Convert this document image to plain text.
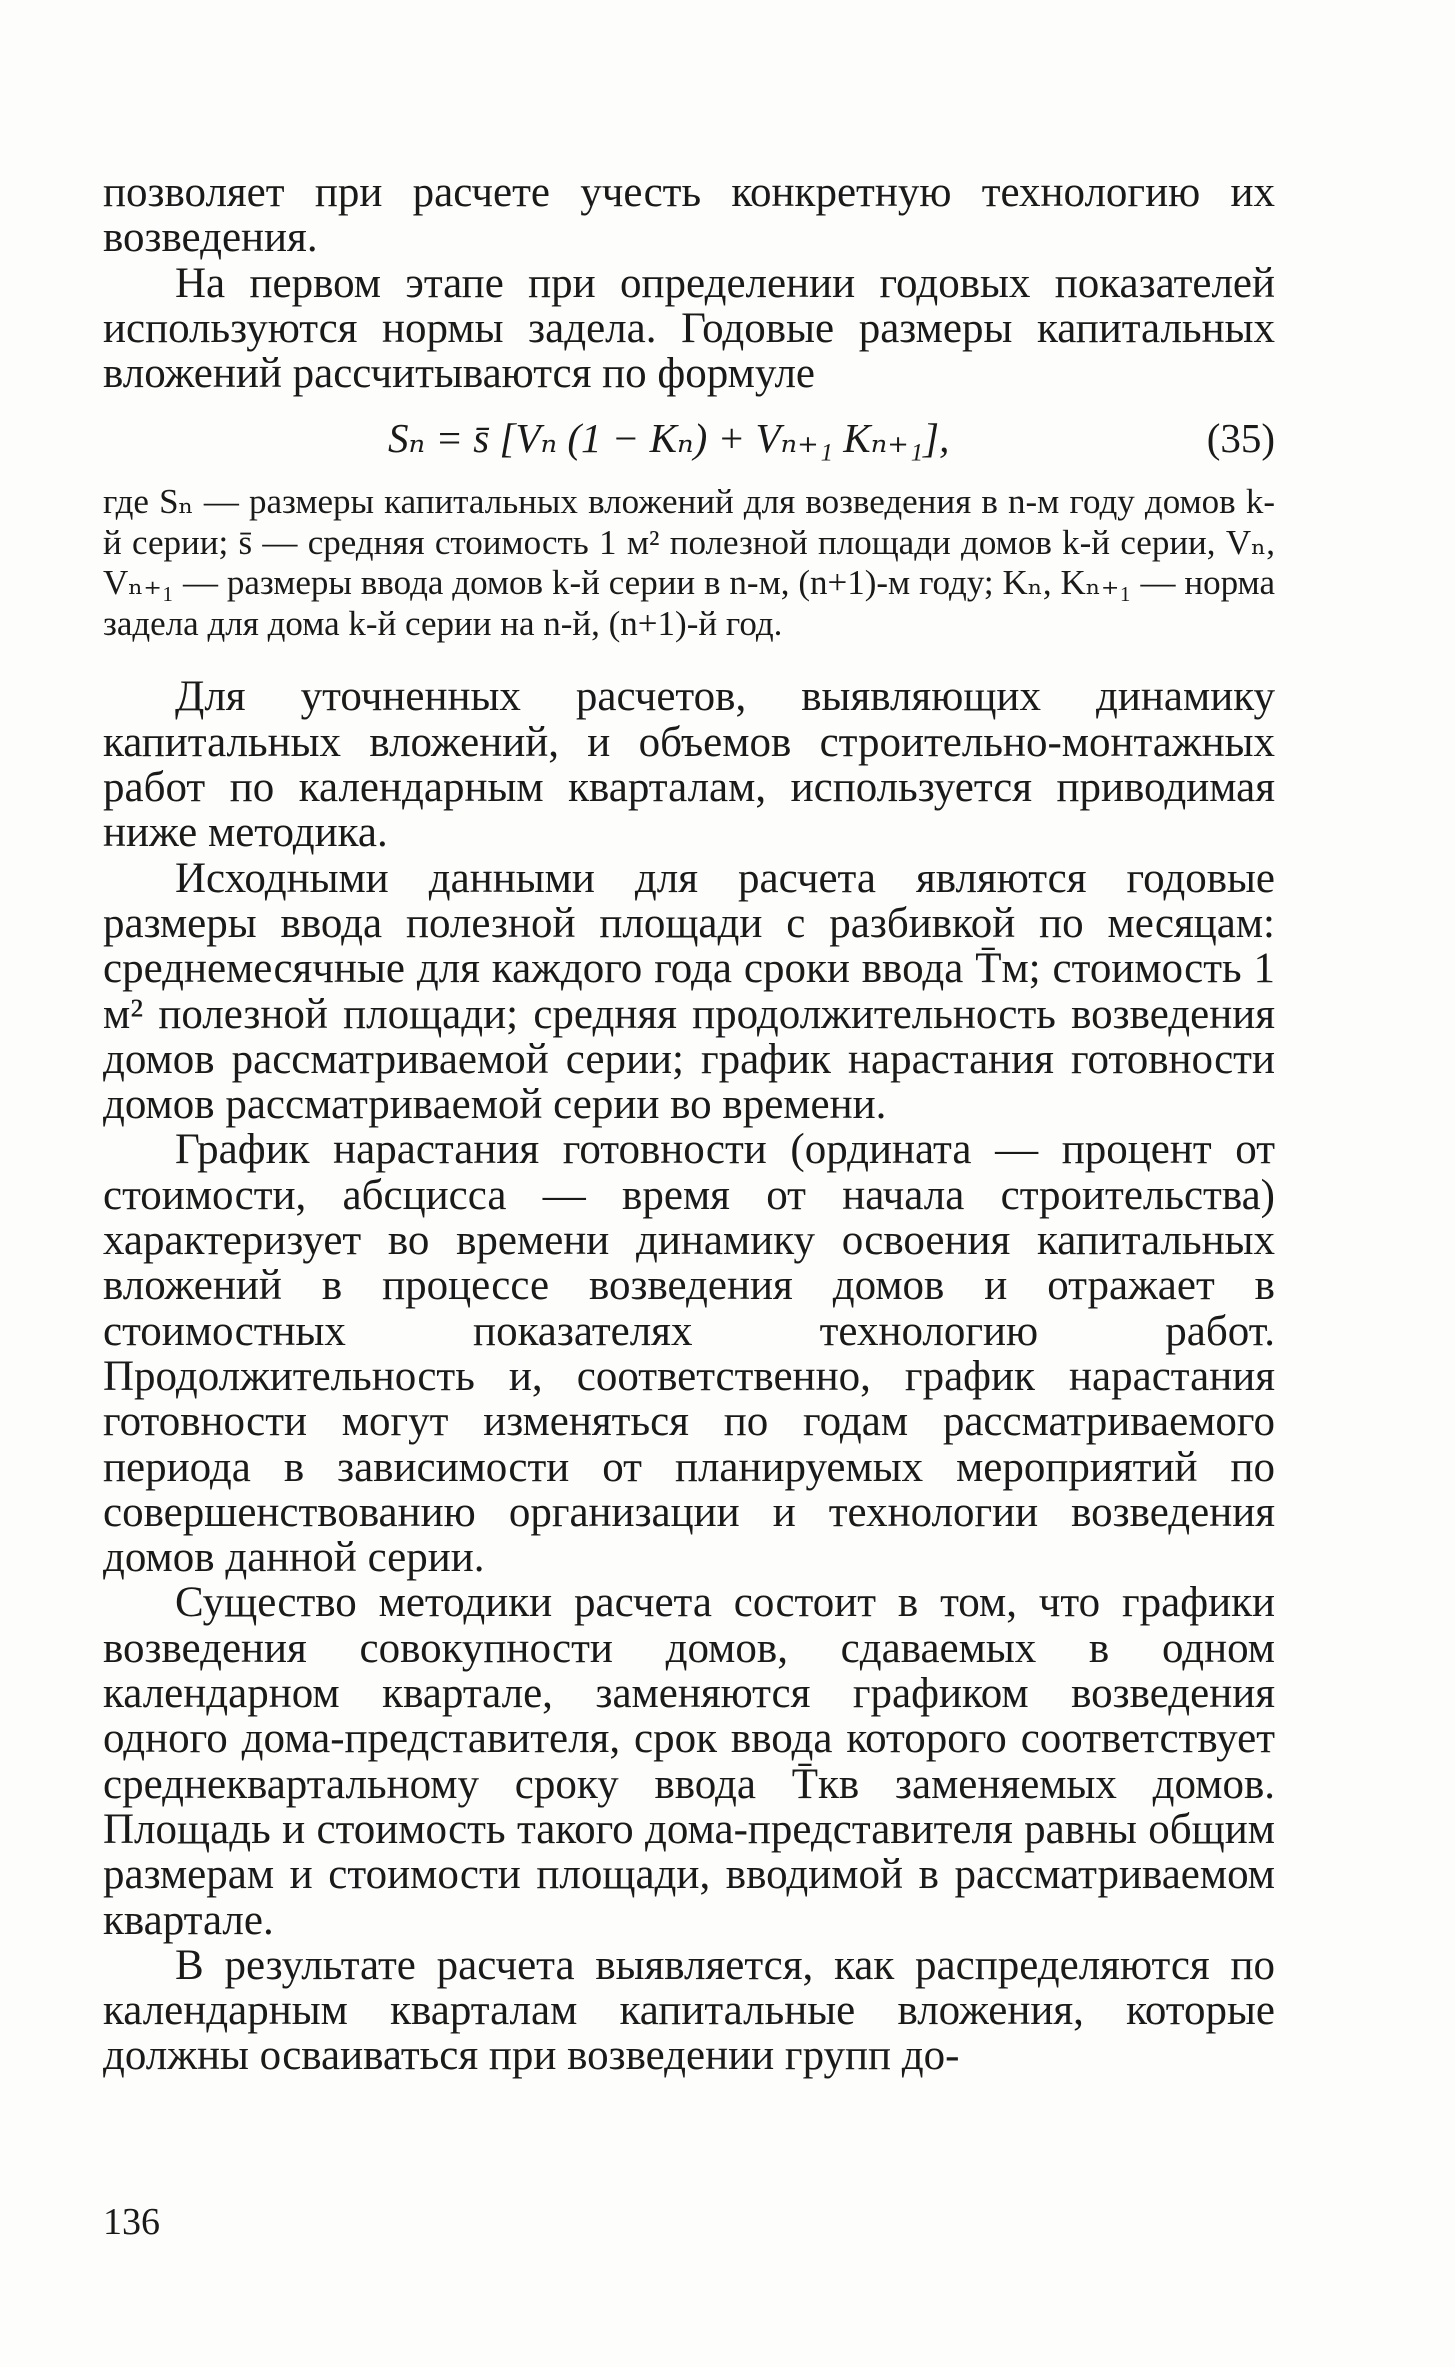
позволяет при расчете учесть конкретную технологию их возведения.

На первом этапе при определении годовых показателей используются нормы задела. Годовые размеры капитальных вложений рассчитываются по формуле

Sₙ = s̄ [Vₙ (1 − Kₙ) + Vₙ₊₁ Kₙ₊₁],	(35)

где Sₙ — размеры капитальных вложений для возведения в n-м году домов k-й серии; s̄ — средняя стоимость 1 м² полезной площади домов k-й серии, Vₙ, Vₙ₊₁ — размеры ввода домов k-й серии в n-м, (n+1)-м году; Kₙ, Kₙ₊₁ — норма задела для дома k-й серии на n-й, (n+1)-й год.

Для уточненных расчетов, выявляющих динамику капитальных вложений, и объемов строительно-монтажных работ по календарным кварталам, используется приводимая ниже методика.

Исходными данными для расчета являются годовые размеры ввода полезной площади с разбивкой по месяцам: среднемесячные для каждого года сроки ввода T̄м; стоимость 1 м² полезной площади; средняя продолжительность возведения домов рассматриваемой серии; график нарастания готовности домов рассматриваемой серии во времени.

График нарастания готовности (ордината — процент от стоимости, абсцисса — время от начала строительства) характеризует во времени динамику освоения капитальных вложений в процессе возведения домов и отражает в стоимостных показателях технологию работ. Продолжительность и, соответственно, график нарастания готовности могут изменяться по годам рассматриваемого периода в зависимости от планируемых мероприятий по совершенствованию организации и технологии возведения домов данной серии.

Существо методики расчета состоит в том, что графики возведения совокупности домов, сдаваемых в одном календарном квартале, заменяются графиком возведения одного дома-представителя, срок ввода которого соответствует среднеквартальному сроку ввода T̄кв заменяемых домов. Площадь и стоимость такого дома-представителя равны общим размерам и стоимости площади, вводимой в рассматриваемом квартале.

В результате расчета выявляется, как распределяются по календарным кварталам капитальные вложения, которые должны осваиваться при возведении групп до-

136
